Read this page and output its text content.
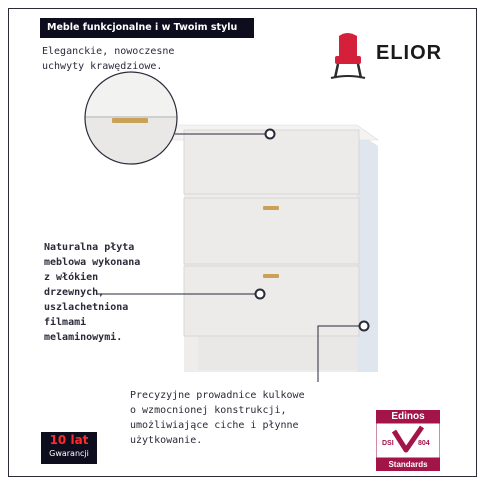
Meble funkcjonalne i w Twoim stylu
Eleganckie, nowoczesne
uchwyty krawędziowe.
Naturalna płyta
meblowa wykonana
z włókien
drzewnych,
uszlachetniona
filmami
melaminowymi.
Precyzyjne prowadnice kulkowe
o wzmocnionej konstrukcji,
umożliwiające ciche i płynne
użytkowanie.
ELIOR
10 lat
Gwarancji
Edinos
DSI	804
Standards
